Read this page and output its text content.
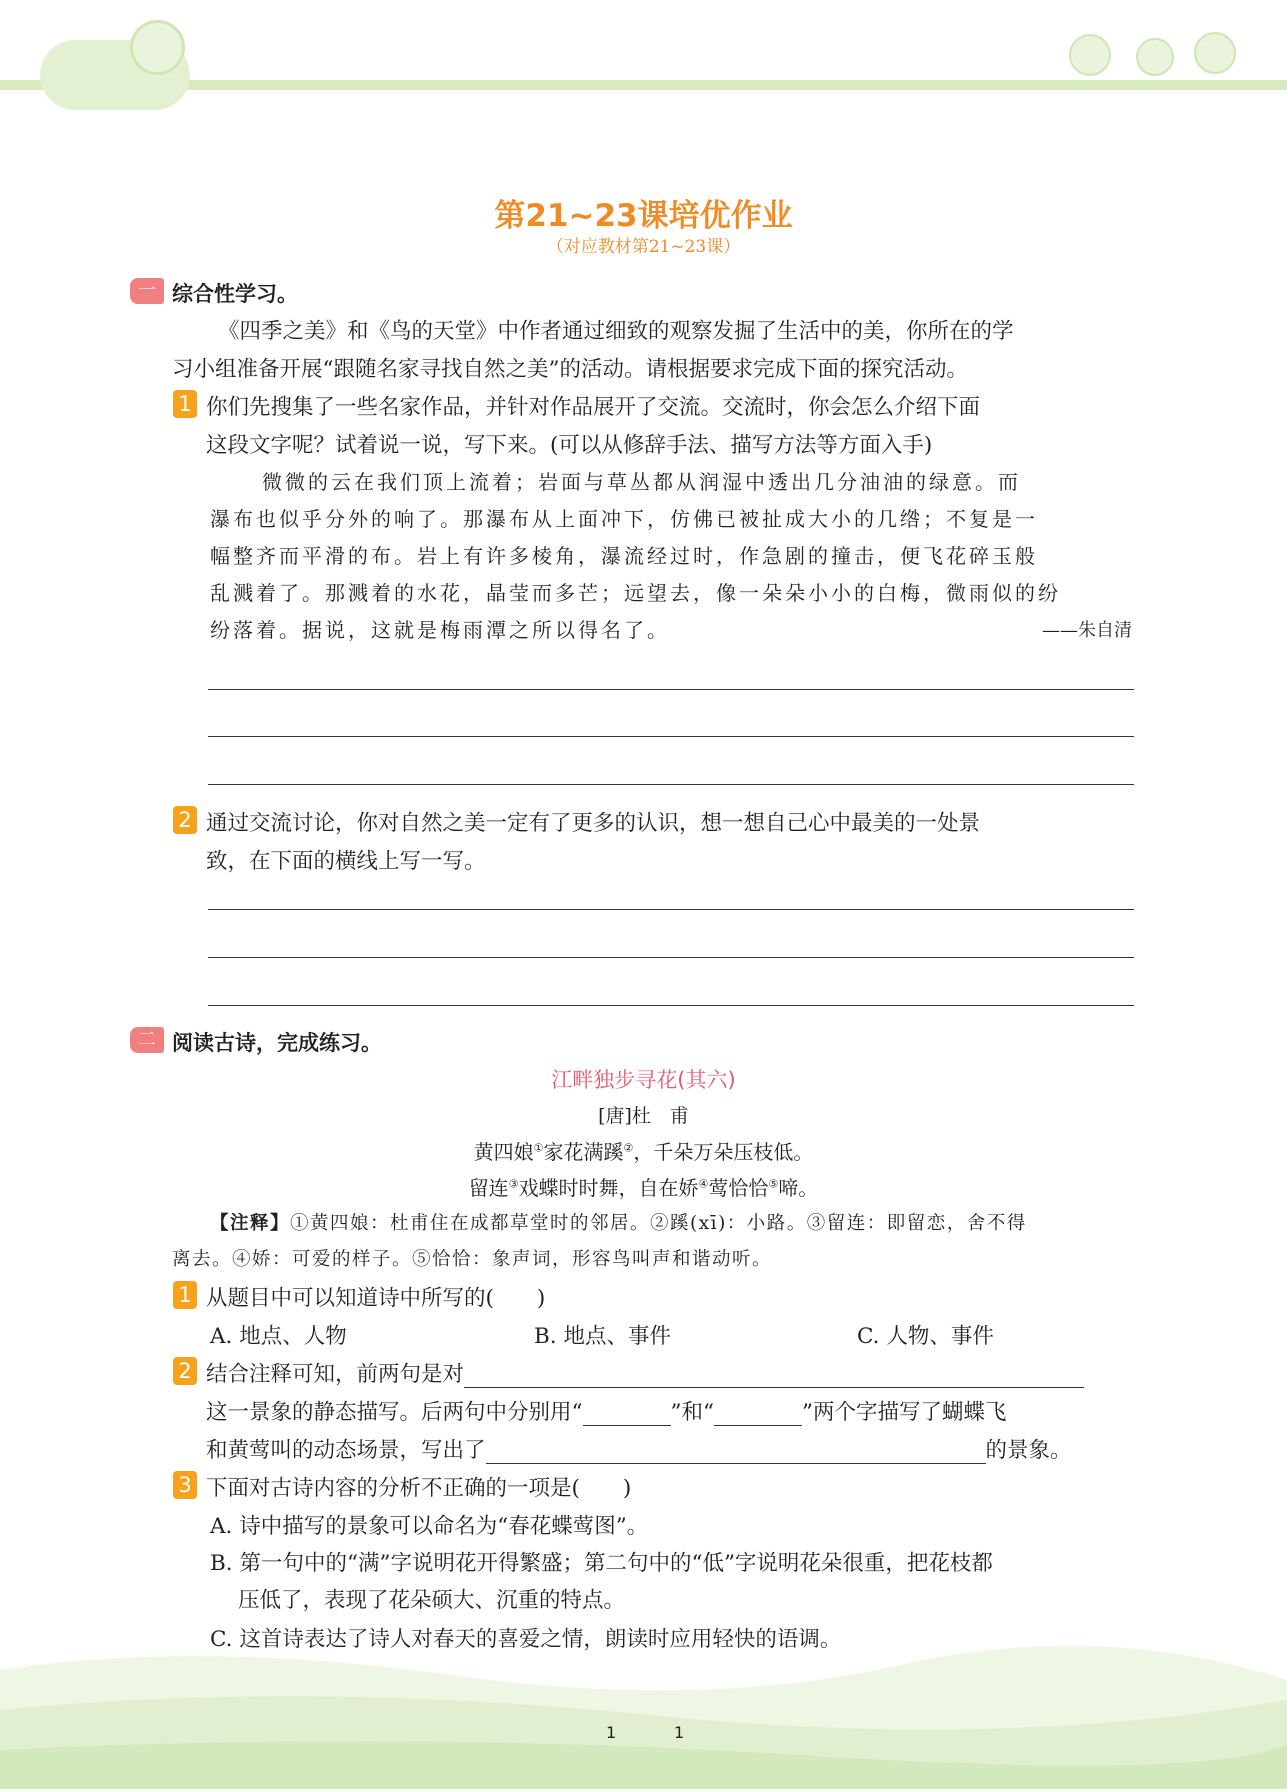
第21~23课培优作业
（对应教材第21~23课）
一 综合性学习。
《四季之美》和《鸟的天堂》中作者通过细致的观察发掘了生活中的美，你所在的学
习小组准备开展“跟随名家寻找自然之美”的活动。请根据要求完成下面的探究活动。
1 你们先搜集了一些名家作品，并针对作品展开了交流。交流时，你会怎么介绍下面
这段文字呢？试着说一说，写下来。(可以从修辞手法、描写方法等方面入手)
微微的云在我们顶上流着；岩面与草丛都从润湿中透出几分油油的绿意。而
瀑布也似乎分外的响了。那瀑布从上面冲下，仿佛已被扯成大小的几绺；不复是一
幅整齐而平滑的布。岩上有许多棱角，瀑流经过时，作急剧的撞击，便飞花碎玉般
乱溅着了。那溅着的水花，晶莹而多芒；远望去，像一朵朵小小的白梅，微雨似的纷
纷落着。据说，这就是梅雨潭之所以得名了。	——朱自清
2 通过交流讨论，你对自然之美一定有了更多的认识，想一想自己心中最美的一处景
致，在下面的横线上写一写。
二 阅读古诗，完成练习。
江畔独步寻花(其六)
[唐]杜　甫
黄四娘①家花满蹊②，千朵万朵压枝低。
留连③戏蝶时时舞，自在娇④莺恰恰⑤啼。
【注释】①黄四娘：杜甫住在成都草堂时的邻居。②蹊(xī)：小路。③留连：即留恋，舍不得
离去。④娇：可爱的样子。⑤恰恰：象声词，形容鸟叫声和谐动听。
1 从题目中可以知道诗中所写的(　　)
A. 地点、人物	B. 地点、事件	C. 人物、事件
2 结合注释可知，前两句是对
这一景象的静态描写。后两句中分别用“	”和“	”两个字描写了蝴蝶飞
和黄莺叫的动态场景，写出了	的景象。
3 下面对古诗内容的分析不正确的一项是(　　)
A. 诗中描写的景象可以命名为“春花蝶莺图”。
B. 第一句中的“满”字说明花开得繁盛；第二句中的“低”字说明花朵很重，把花枝都
压低了，表现了花朵硕大、沉重的特点。
C. 这首诗表达了诗人对春天的喜爱之情，朗读时应用轻快的语调。
1	1
